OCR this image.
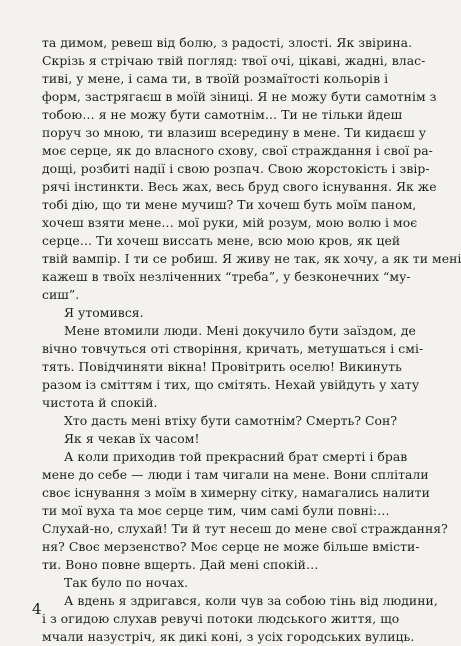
та димом, ревеш від болю, з радості, злості. Як звірина.
Скрізь я стрічаю твій погляд: твої очі, цікаві, жадні, влас-
тиві, у мене, і сама ти, в твоїй розмаїтості кольорів і
форм, застрягаєш в моїй зіниці. Я не можу бути самотнім з
тобою… я не можу бути самотнім… Ти не тільки йдеш
поруч зо мною, ти влазиш всередину в мене. Ти кидаєш у
моє серце, як до власного схову, свої страждання і свої ра-
дощі, розбиті надії і свою розпач. Свою жорстокість і звір-
рячі інстинкти. Весь жах, весь бруд свого існування. Як же
тобі дію, що ти мене мучиш? Ти хочеш буть моїм паном,
хочеш взяти мене… мої руки, мій розум, мою волю і моє
серце… Ти хочеш виссать мене, всю мою кров, як цей
твій вампір. І ти се робиш. Я живу не так, як хочу, а як ти мені
кажеш в твоїх незліченних “треба”, у безконечних “му-
сиш”.
Я утомився.
Мене втомили люди. Мені докучило бути заїздом, де
вічно товчуться оті створіння, кричать, метушаться і смі-
тять. Повідчиняти вікна! Провітрить оселю! Викинуть
разом із сміттям і тих, що смітять. Нехай увійдуть у хату
чистота й спокій.
Хто дасть мені втіху бути самотнім? Смерть? Сон?
Як я чекав їх часом!
А коли приходив той прекрасний брат смерті і брав
мене до себе — люди і там чигали на мене. Вони сплітали
своє існування з моїм в химерну сітку, намагались налити
ти мої вуха та моє серце тим, чим самі були повні:…
Слухай-но, слухай! Ти й тут несеш до мене свої страждання?
ня? Своє мерзенство? Моє серце не може більше вмісти-
ти. Воно повне вщерть. Дай мені спокій…
Так було по ночах.
А вдень я здригався, коли чув за собою тінь від людини,
і з огидою слухав ревучі потоки людського життя, що
мчали назустріч, як дикі коні, з усіх городських вулиць.
4
